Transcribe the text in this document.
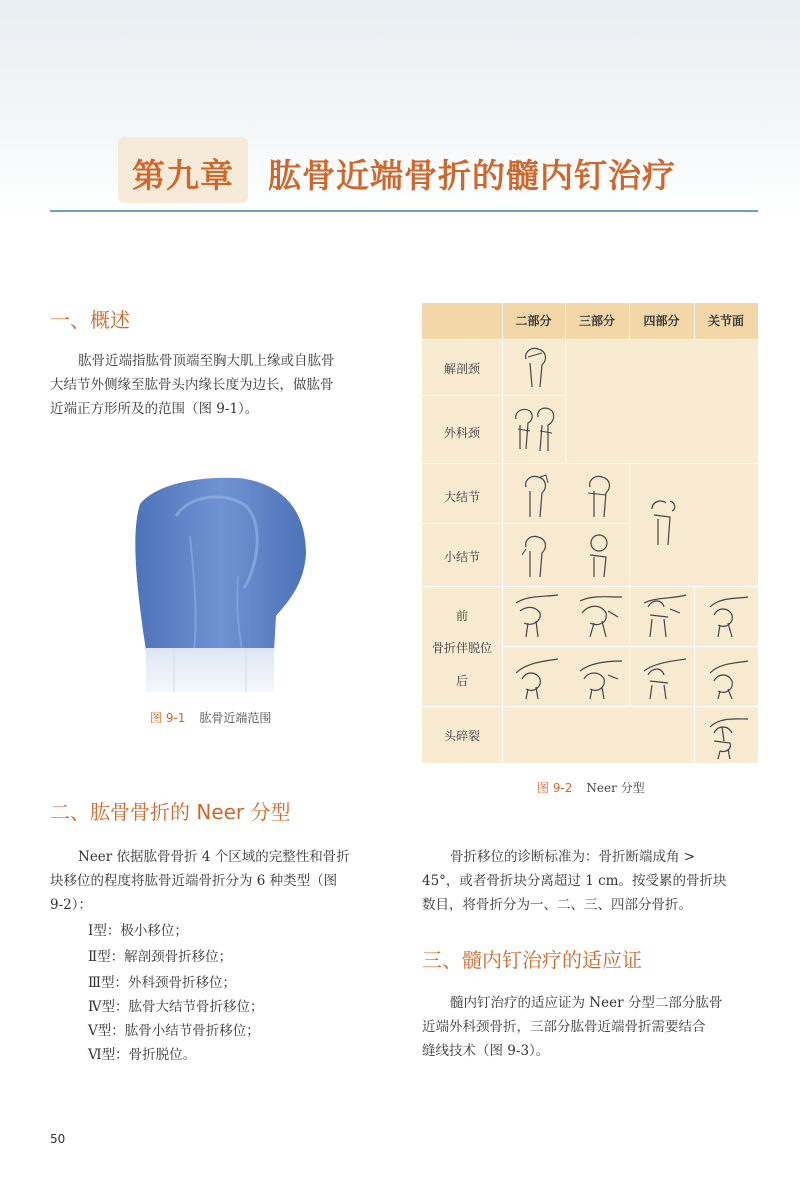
第九章 肱骨近端骨折的髓内钉治疗
一、概述
肱骨近端指肱骨顶端至胸大肌上缘或自肱骨
大结节外侧缘至肱骨头内缘长度为边长，做肱骨
近端正方形所及的范围（图 9-1）。
图 9-1 肱骨近端范围
二部分	三部分	四部分	关节面
解剖颈
外科颈
大结节
小结节
前
骨折伴脱位
后
头碎裂
图 9-2 Neer 分型
二、肱骨骨折的 Neer 分型
Neer 依据肱骨骨折 4 个区域的完整性和骨折
块移位的程度将肱骨近端骨折分为 6 种类型（图
9-2）：
Ⅰ型：极小移位；
Ⅱ型：解剖颈骨折移位；
Ⅲ型：外科颈骨折移位；
Ⅳ型：肱骨大结节骨折移位；
Ⅴ型：肱骨小结节骨折移位；
Ⅵ型：骨折脱位。
骨折移位的诊断标准为：骨折断端成角 >
45°，或者骨折块分离超过 1 cm。按受累的骨折块
数目，将骨折分为一、二、三、四部分骨折。
三、髓内钉治疗的适应证
髓内钉治疗的适应证为 Neer 分型二部分肱骨
近端外科颈骨折，三部分肱骨近端骨折需要结合
缝线技术（图 9-3）。
50
